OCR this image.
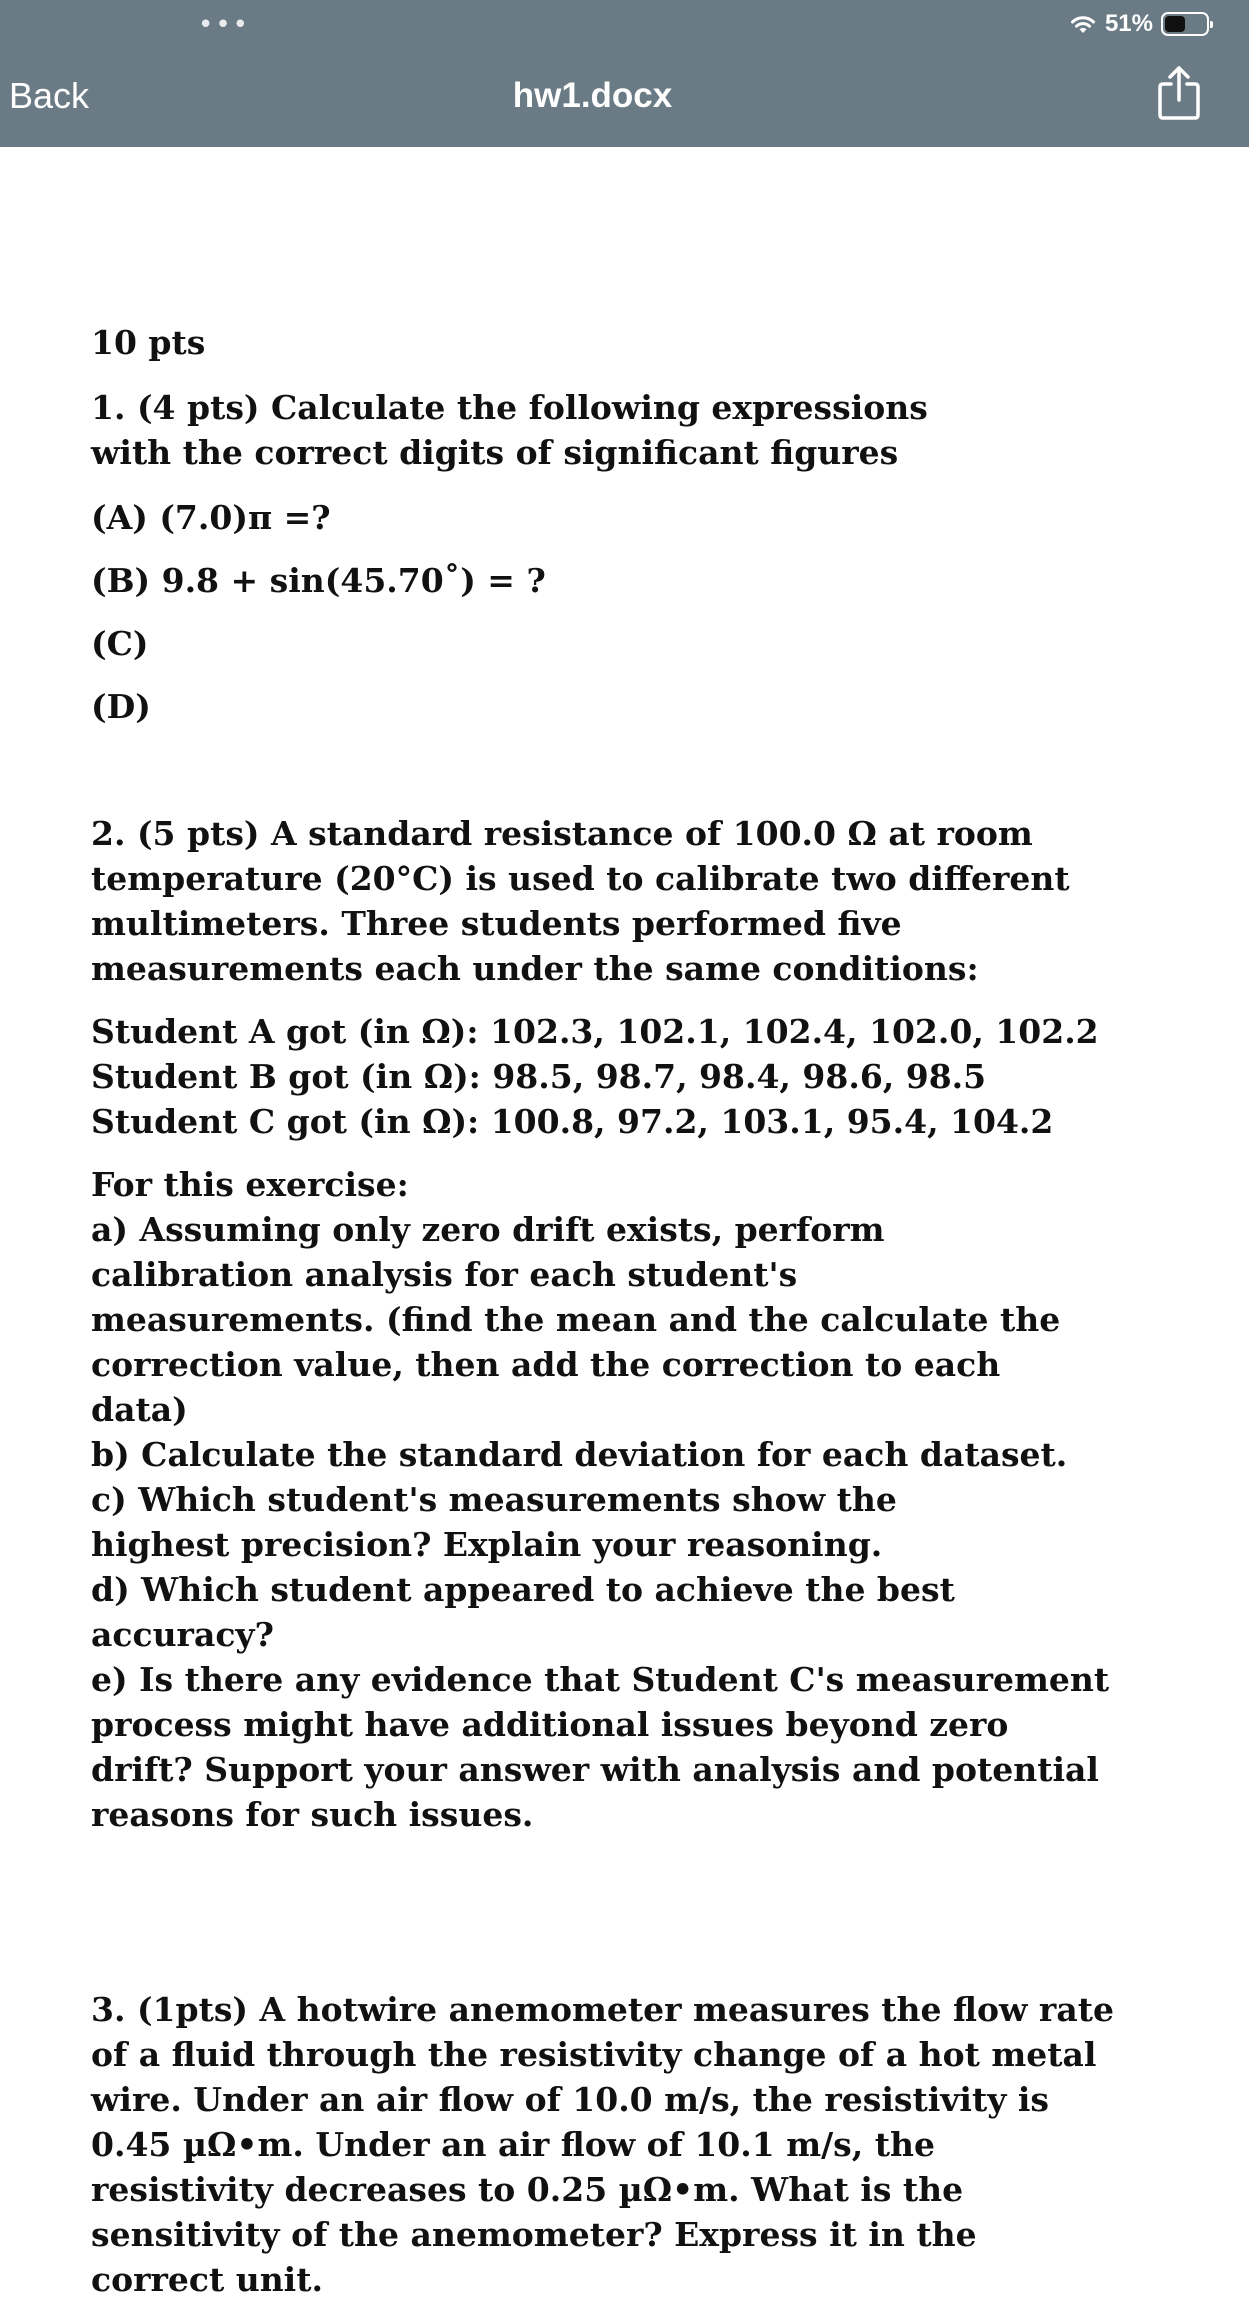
•••	51%
Back	hw1.docx

10 pts

1. (4 pts) Calculate the following expressions with the correct digits of significant figures

(A) (7.0)π =?

(B) 9.8 + sin(45.70˚) = ?

(C)

(D)

2. (5 pts) A standard resistance of 100.0 Ω at room temperature (20°C) is used to calibrate two different multimeters. Three students performed five measurements each under the same conditions:

Student A got (in Ω): 102.3, 102.1, 102.4, 102.0, 102.2

Student B got (in Ω): 98.5, 98.7, 98.4, 98.6, 98.5

Student C got (in Ω): 100.8, 97.2, 103.1, 95.4, 104.2

For this exercise:

a) Assuming only zero drift exists, perform calibration analysis for each student's measurements. (find the mean and the calculate the correction value, then add the correction to each data)

b) Calculate the standard deviation for each dataset.

c) Which student's measurements show the highest precision? Explain your reasoning.

d) Which student appeared to achieve the best accuracy?

e) Is there any evidence that Student C's measurement process might have additional issues beyond zero drift? Support your answer with analysis and potential reasons for such issues.

3. (1pts) A hotwire anemometer measures the flow rate of a fluid through the resistivity change of a hot metal wire. Under an air flow of 10.0 m/s, the resistivity is 0.45 µΩ•m. Under an air flow of 10.1 m/s, the resistivity decreases to 0.25 µΩ•m. What is the sensitivity of the anemometer? Express it in the correct unit.
